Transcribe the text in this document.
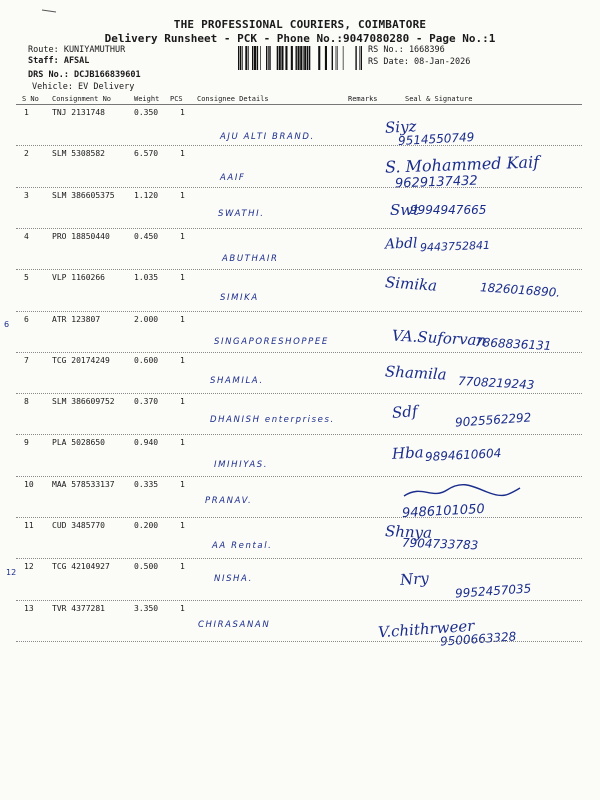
THE PROFESSIONAL COURIERS, COIMBATORE
Delivery Runsheet - PCK - Phone No.:9047080280 - Page No.:1
Route: KUNIYAMUTHUR
Staff: AFSAL
DRS No.: DCJB166839601
Vehicle: EV Delivery
RS No.: 1668396
RS Date: 08-Jan-2026
S No Consignment No	Weight PCS Consignee Details	Remarks	Seal & Signature
1	TNJ 2131748	0.350	1
AJU ALTI BRAND.
Siyz
9514550749
2	SLM 5308582	6.570	1
AAIF
S. Mohammed Kaif
9629137432
3	SLM 386605375 1.120	1
SWATHI.	Swt
9994947665
4	PRO 18850440	0.450	1
ABUTHAIR
Abdl 9443752841
5	VLP 1160266	1.035	1
SIMIKA
Simika	1826016890.
6	ATR 123807	2.000	1
SINGAPORESHOPPEE	VA.Suforvan
7868836131
7	TCG 20174249	0.600	1
SHAMILA.	Shamila 7708219243
8	SLM 386609752 0.370	1
DHANISH enterprises.	Sdf	9025562292
9	PLA 5028650	0.940	1
IMIHIYAS.
Hba 9894610604
10 MAA 578533137 0.335	1
PRANAV.
9486101050
11 CUD 3485770	0.200	1
AA Rental.
Shnya
7904733783
12 TCG 42104927	0.500	1
NISHA.	Nry
9952457035
13 TVR 4377281	3.350	1
CHIRASANAN	V.chithrweer
9500663328
6
12
